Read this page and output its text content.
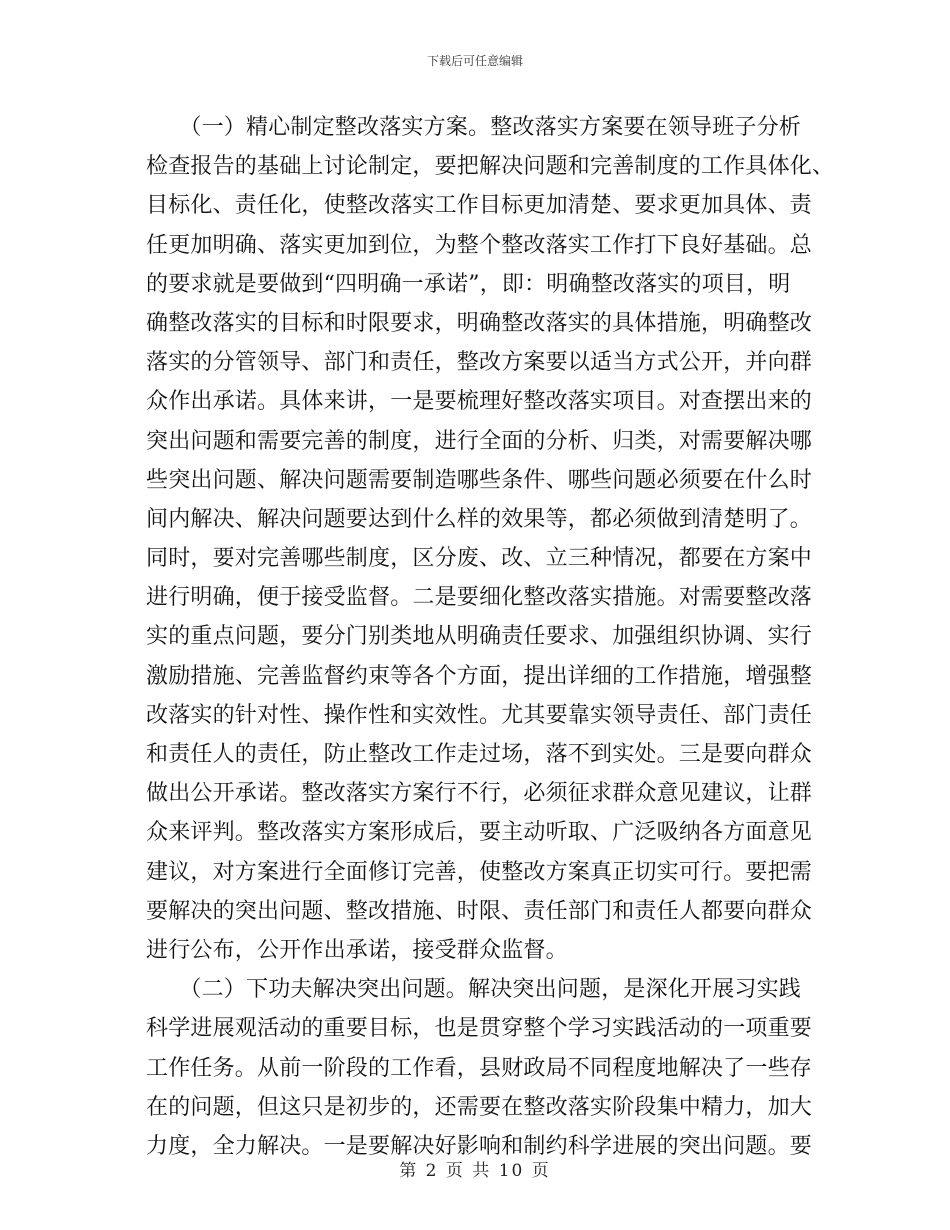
下载后可任意编辑
　　（一）精心制定整改落实方案。整改落实方案要在领导班子分析
检查报告的基础上讨论制定，要把解决问题和完善制度的工作具体化、
目标化、责任化，使整改落实工作目标更加清楚、要求更加具体、责
任更加明确、落实更加到位，为整个整改落实工作打下良好基础。总
的要求就是要做到“四明确一承诺”，即：明确整改落实的项目，明
确整改落实的目标和时限要求，明确整改落实的具体措施，明确整改
落实的分管领导、部门和责任，整改方案要以适当方式公开，并向群
众作出承诺。具体来讲，一是要梳理好整改落实项目。对查摆出来的
突出问题和需要完善的制度，进行全面的分析、归类，对需要解决哪
些突出问题、解决问题需要制造哪些条件、哪些问题必须要在什么时
间内解决、解决问题要达到什么样的效果等，都必须做到清楚明了。
同时，要对完善哪些制度，区分废、改、立三种情况，都要在方案中
进行明确，便于接受监督。二是要细化整改落实措施。对需要整改落
实的重点问题，要分门别类地从明确责任要求、加强组织协调、实行
激励措施、完善监督约束等各个方面，提出详细的工作措施，增强整
改落实的针对性、操作性和实效性。尤其要靠实领导责任、部门责任
和责任人的责任，防止整改工作走过场，落不到实处。三是要向群众
做出公开承诺。整改落实方案行不行，必须征求群众意见建议，让群
众来评判。整改落实方案形成后，要主动听取、广泛吸纳各方面意见
建议，对方案进行全面修订完善，使整改方案真正切实可行。要把需
要解决的突出问题、整改措施、时限、责任部门和责任人都要向群众
进行公布，公开作出承诺，接受群众监督。
　　（二）下功夫解决突出问题。解决突出问题，是深化开展习实践
科学进展观活动的重要目标，也是贯穿整个学习实践活动的一项重要
工作任务。从前一阶段的工作看，县财政局不同程度地解决了一些存
在的问题，但这只是初步的，还需要在整改落实阶段集中精力，加大
力度，全力解决。一是要解决好影响和制约科学进展的突出问题。要
第 2 页 共 10 页
